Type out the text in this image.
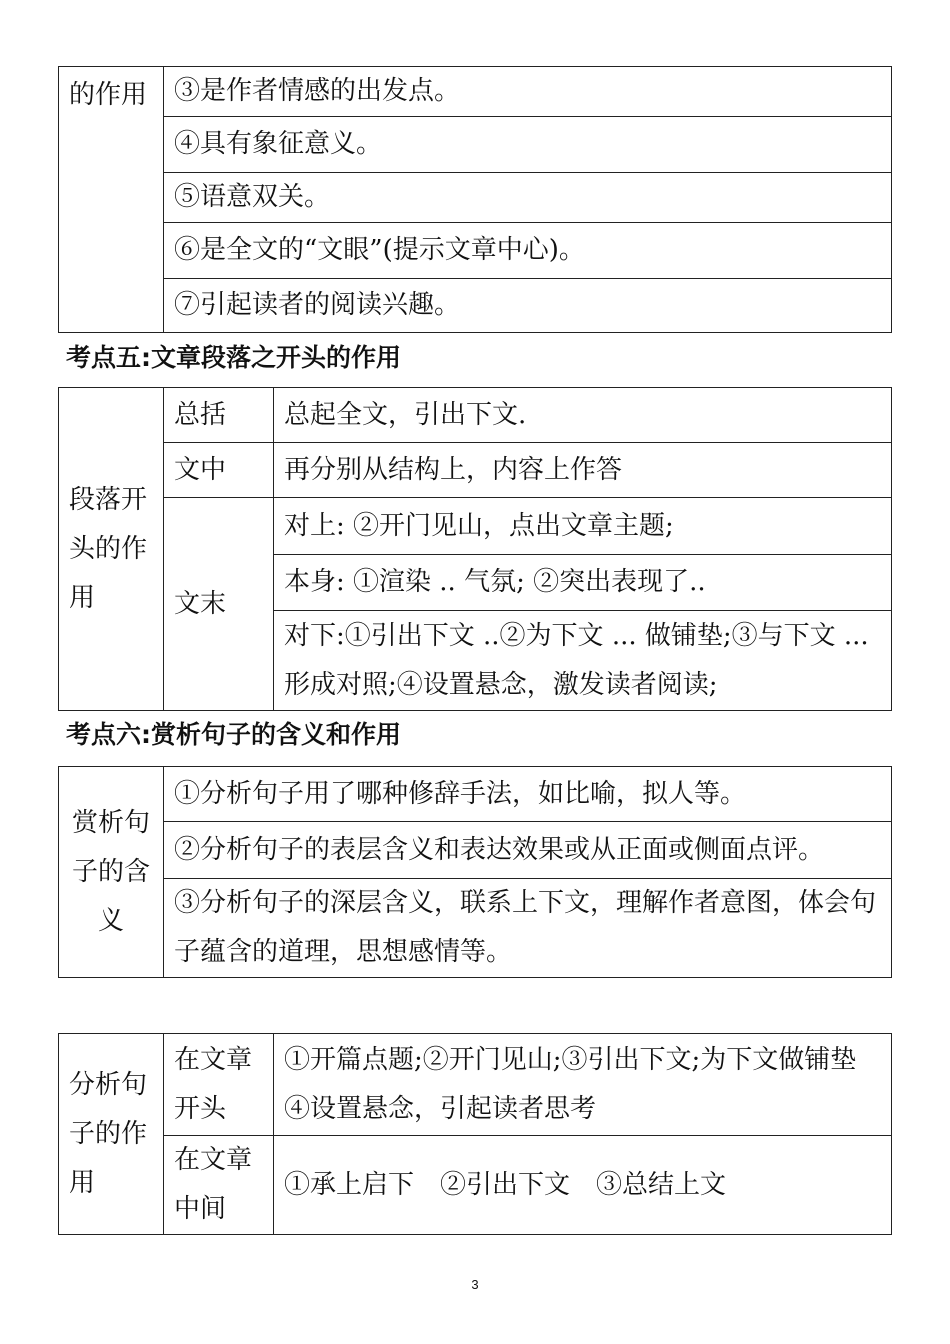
的作用	③是作者情感的出发点。
④具有象征意义。
⑤语意双关。
⑥是全文的“文眼”(提示文章中心)。
⑦引起读者的阅读兴趣。
考点五:文章段落之开头的作用
段落开头的作用	总括	总起全文，引出下文.
	文中	再分别从结构上，内容上作答
	文末	对上: ②开门见山，点出文章主题;
		本身: ①渲染 .. 气氛; ②突出表现了..
		对下:①引出下文 ..②为下文 ... 做铺垫;③与下文 ... 形成对照;④设置悬念，激发读者阅读;
考点六:赏析句子的含义和作用
赏析句子的含义	①分析句子用了哪种修辞手法，如比喻，拟人等。
②分析句子的表层含义和表达效果或从正面或侧面点评。
③分析句子的深层含义，联系上下文，理解作者意图，体会句子蕴含的道理，思想感情等。
分析句子的作用	在文章开头	①开篇点题;②开门见山;③引出下文;为下文做铺垫④设置悬念，引起读者思考
	在文章中间	①承上启下　②引出下文　③总结上文
3
